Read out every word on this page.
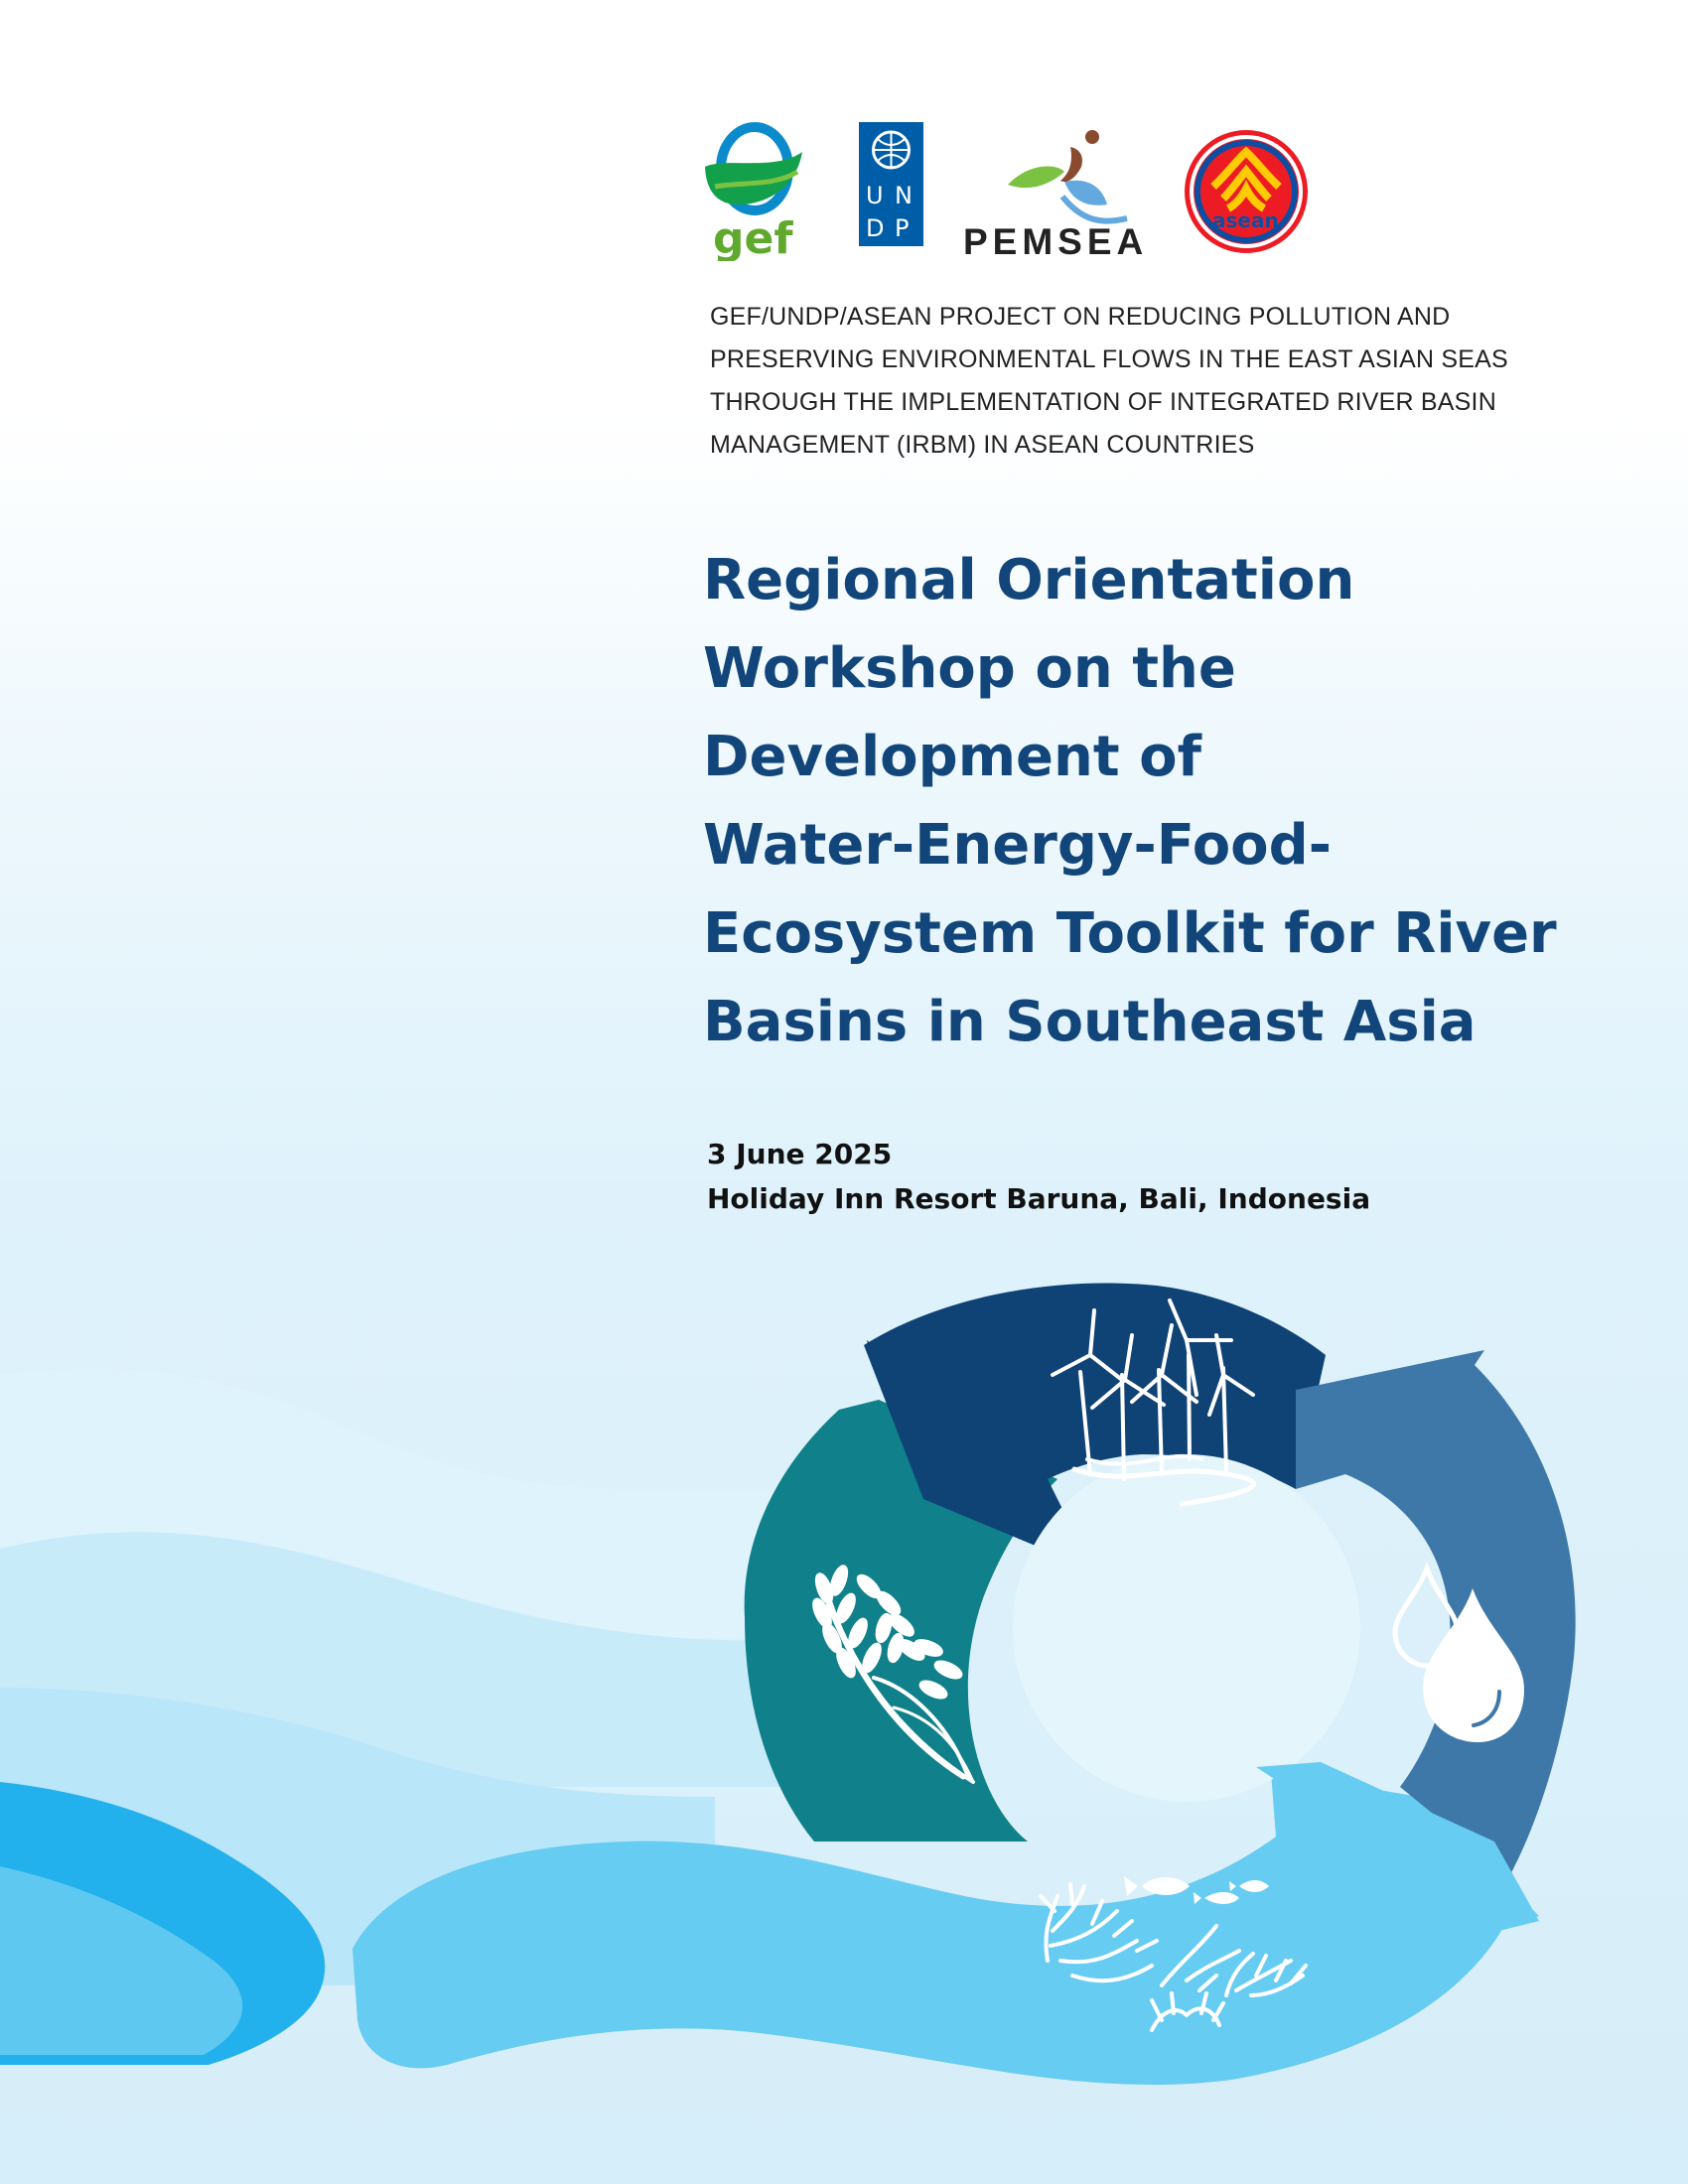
gef
U N
D P PEMSEA
asean
GEF/UNDP/ASEAN PROJECT ON REDUCING POLLUTION AND
PRESERVING ENVIRONMENTAL FLOWS IN THE EAST ASIAN SEAS
THROUGH THE IMPLEMENTATION OF INTEGRATED RIVER BASIN
MANAGEMENT (IRBM) IN ASEAN COUNTRIES
Regional Orientation
Workshop on the
Development of
Water-Energy-Food-
Ecosystem Toolkit for River
Basins in Southeast Asia
3 June 2025
Holiday Inn Resort Baruna, Bali, Indonesia
